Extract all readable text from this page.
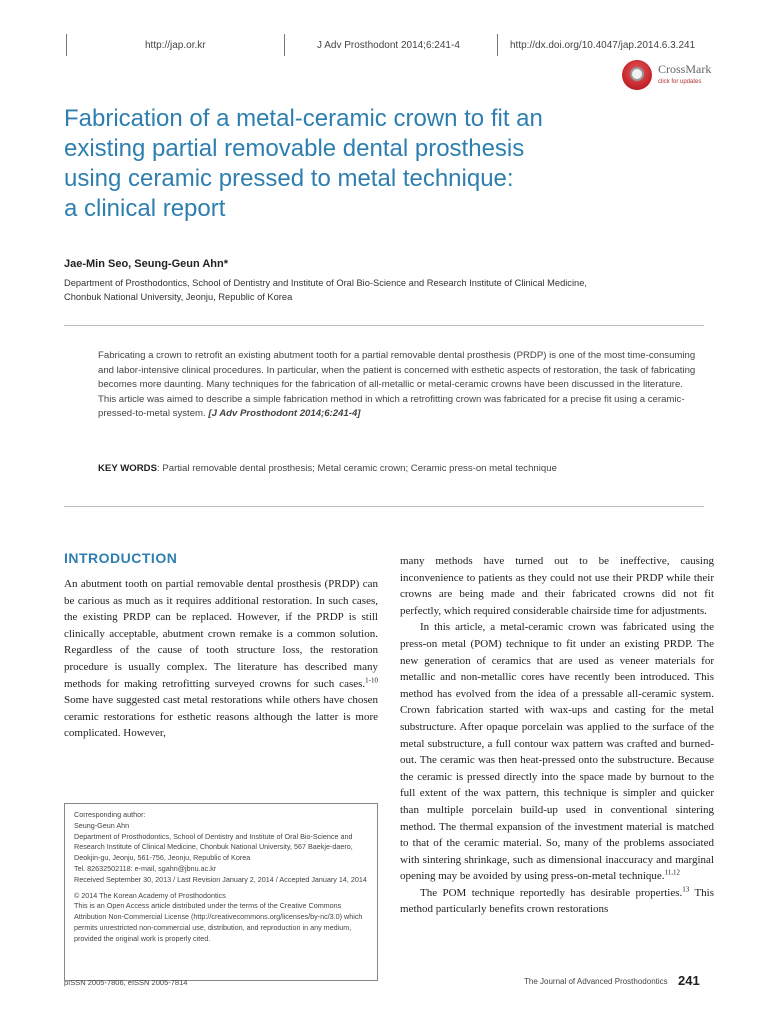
http://jap.or.kr	J Adv Prosthodont 2014;6:241-4	http://dx.doi.org/10.4047/jap.2014.6.3.241
CrossMark
click for updates
Fabrication of a metal-ceramic crown to fit an
existing partial removable dental prosthesis
using ceramic pressed to metal technique:
a clinical report
Jae-Min Seo, Seung-Geun Ahn*
Department of Prosthodontics, School of Dentistry and Institute of Oral Bio-Science and Research Institute of Clinical Medicine,
Chonbuk National University, Jeonju, Republic of Korea
Fabricating a crown to retrofit an existing abutment tooth for a partial removable dental prosthesis (PRDP) is one of the most time-consuming and labor-intensive clinical procedures. In particular, when the patient is concerned with esthetic aspects of restoration, the task of fabricating becomes more daunting. Many techniques for the fabrication of all-metallic or metal-ceramic crowns have been discussed in the literature. This article was aimed to describe a simple fabrication method in which a retrofitting crown was fabricated for a precise fit using a ceramic-pressed-to-metal system. [J Adv Prosthodont 2014;6:241-4]
KEY WORDS: Partial removable dental prosthesis; Metal ceramic crown; Ceramic press-on metal technique
INTRODUCTION

An abutment tooth on partial removable dental prosthesis (PRDP) can be carious as much as it requires additional restoration. In such cases, the existing PRDP can be replaced. However, if the PRDP is still clinically acceptable, abutment crown remake is a common solution. Regardless of the cause of tooth structure loss, the restoration procedure is usually complex. The literature has described many methods for making retrofitting surveyed crowns for such cases.$^{1-10}$ Some have suggested cast metal restorations while others have chosen ceramic restorations for esthetic reasons although the latter is more complicated. However,

many methods have turned out to be ineffective, causing inconvenience to patients as they could not use their PRDP while their crowns are being made and their fabricated crowns did not fit perfectly, which required considerable chairside time for adjustments.

In this article, a metal-ceramic crown was fabricated using the press-on metal (POM) technique to fit under an existing PRDP. The new generation of ceramics that are used as veneer materials for metallic and non-metallic cores have recently been introduced. This method has evolved from the idea of a pressable all-ceramic system. Crown fabrication started with wax-ups and casting for the metal substructure. After opaque porcelain was applied to the surface of the metal substructure, a full contour wax pattern was crafted and burned-out. The ceramic was then heat-pressed onto the substructure. Because the ceramic is pressed directly into the space made by burnout to the full extent of the wax pattern, this technique is simpler and quicker than multiple porcelain build-up used in conventional sintering method. The thermal expansion of the investment material is matched to that of the ceramic material. So, many of the problems associated with sintering shrinkage, such as dimensional inaccuracy and marginal opening may be avoided by using press-on-metal technique.$^{11,12}$

The POM technique reportedly has desirable properties.$^{13}$ This method particularly benefits crown restorations

Corresponding author:

Seung-Geun Ahn

Department of Prosthodontics, School of Dentistry and Institute of Oral Bio-Science and Research Institute of Clinical Medicine, Chonbuk National University, 567 Baekje-daero, Deokjin-gu, Jeonju, 561-756, Jeonju, Republic of Korea

Tel. 82632502118: e-mail, sgahn@jbnu.ac.kr

Received September 30, 2013 / Last Revision January 2, 2014 / Accepted January 14, 2014

© 2014 The Korean Academy of Prosthodontics

This is an Open Access article distributed under the terms of the Creative Commons Attribution Non-Commercial License (http://creativecommons.org/licenses/by-nc/3.0) which permits unrestricted non-commercial use, distribution, and reproduction in any medium, provided the original work is properly cited.

pISSN 2005-7806, eISSN 2005-7814	The Journal of Advanced Prosthodontics 241
